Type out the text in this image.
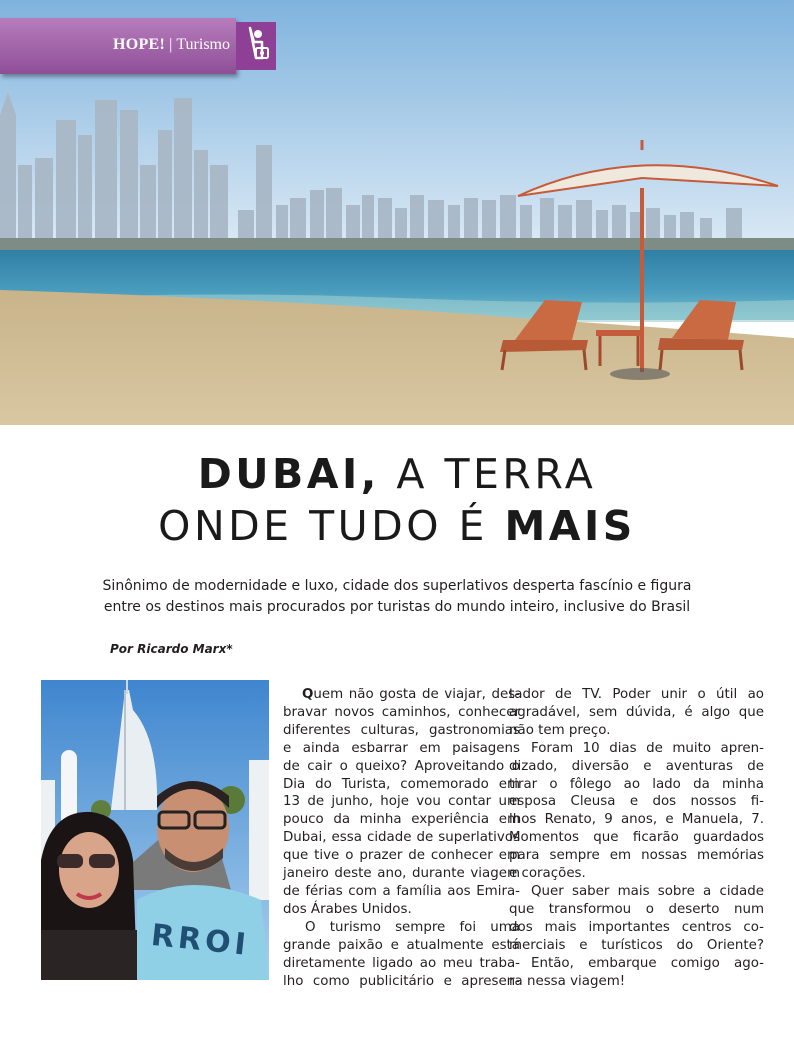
HOPE! | Turismo
DUBAI, A TERRA
ONDE TUDO É MAIS
Sinônimo de modernidade e luxo, cidade dos superlativos desperta fascínio e figura
entre os destinos mais procurados por turistas do mundo inteiro, inclusive do Brasil
Por Ricardo Marx*
RROI
Quem não gosta de viajar, des-
bravar novos caminhos, conhecer
diferentes culturas, gastronomias
e ainda esbarrar em paisagens
de cair o queixo? Aproveitando o
Dia do Turista, comemorado em
13 de junho, hoje vou contar um
pouco da minha experiência em
Dubai, essa cidade de superlativos
que tive o prazer de conhecer em
janeiro deste ano, durante viagem
de férias com a família aos Emira-
dos Árabes Unidos.
O turismo sempre foi uma
grande paixão e atualmente está
diretamente ligado ao meu traba-
lho como publicitário e apresen-
tador de TV. Poder unir o útil ao
agradável, sem dúvida, é algo que
não tem preço.
Foram 10 dias de muito apren-
dizado, diversão e aventuras de
tirar o fôlego ao lado da minha
esposa Cleusa e dos nossos fi-
lhos Renato, 9 anos, e Manuela, 7.
Momentos que ficarão guardados
para sempre em nossas memórias
e corações.
Quer saber mais sobre a cidade
que transformou o deserto num
dos mais importantes centros co-
merciais e turísticos do Oriente?
Então, embarque comigo ago-
ra nessa viagem!
